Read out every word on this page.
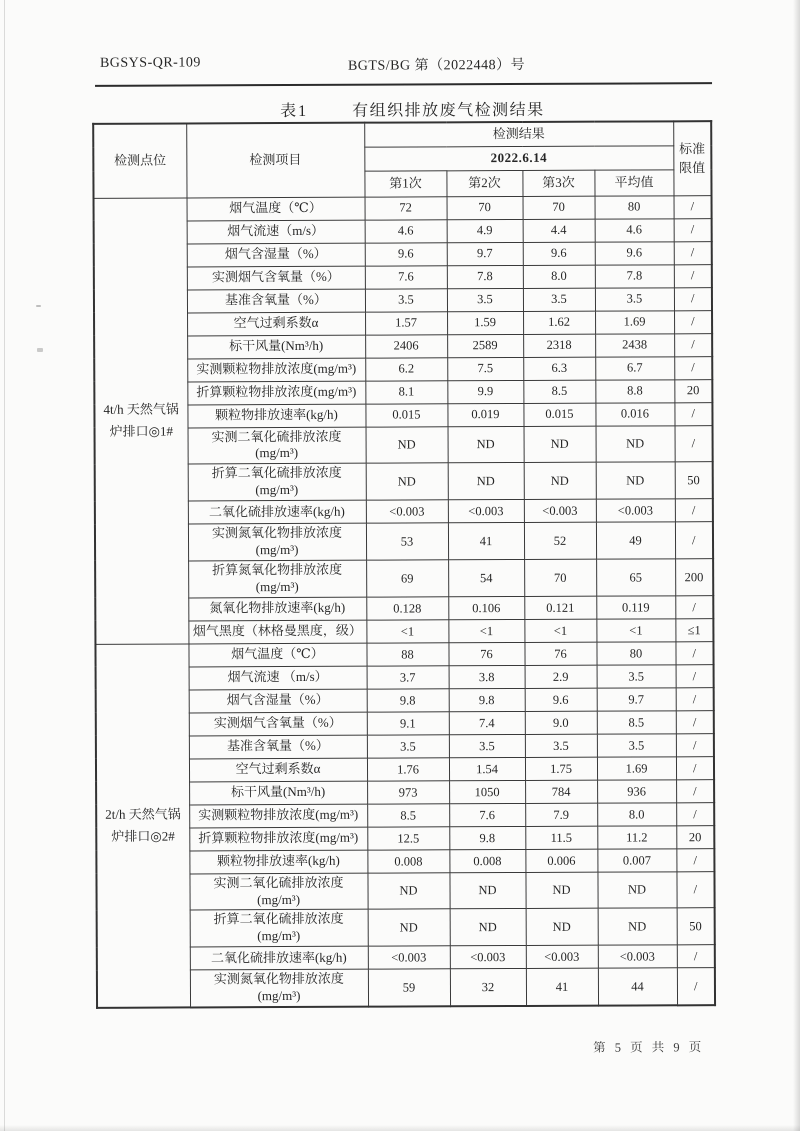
BGSYS-QR-109	BGTS/BG 第（2022448）号
表1	有组织排放废气检测结果
检测点位	检测项目	检测结果				标准限值
		2022.6.14				
		第1次	第2次	第3次	平均值	
4t/h 天然气锅炉排口◎1#	烟气温度（℃）	72	70	70	80	/
	烟气流速（m/s）	4.6	4.9	4.4	4.6	/
	烟气含湿量（%）	9.6	9.7	9.6	9.6	/
	实测烟气含氧量（%）	7.6	7.8	8.0	7.8	/
	基准含氧量（%）	3.5	3.5	3.5	3.5	/
	空气过剩系数α	1.57	1.59	1.62	1.69	/
	标干风量(Nm³/h)	2406	2589	2318	2438	/
	实测颗粒物排放浓度(mg/m³)	6.2	7.5	6.3	6.7	/
	折算颗粒物排放浓度(mg/m³)	8.1	9.9	8.5	8.8	20
	颗粒物排放速率(kg/h)	0.015	0.019	0.015	0.016	/
	实测二氧化硫排放浓度
(mg/m³)	ND	ND	ND	ND	/
	折算二氧化硫排放浓度
(mg/m³)	ND	ND	ND	ND	50
	二氧化硫排放速率(kg/h)	<0.003	<0.003	<0.003	<0.003	/
	实测氮氧化物排放浓度
(mg/m³)	53	41	52	49	/
	折算氮氧化物排放浓度
(mg/m³)	69	54	70	65	200
	氮氧化物排放速率(kg/h)	0.128	0.106	0.121	0.119	/
	烟气黑度（林格曼黑度，级）	<1	<1	<1	<1	≤1
2t/h 天然气锅炉排口◎2#	烟气温度（℃）	88	76	76	80	/
	烟气流速 （m/s）	3.7	3.8	2.9	3.5	/
	烟气含湿量（%）	9.8	9.8	9.6	9.7	/
	实测烟气含氧量（%）	9.1	7.4	9.0	8.5	/
	基准含氧量（%）	3.5	3.5	3.5	3.5	/
	空气过剩系数α	1.76	1.54	1.75	1.69	/
	标干风量(Nm³/h)	973	1050	784	936	/
	实测颗粒物排放浓度(mg/m³)	8.5	7.6	7.9	8.0	/
	折算颗粒物排放浓度(mg/m³)	12.5	9.8	11.5	11.2	20
	颗粒物排放速率(kg/h)	0.008	0.008	0.006	0.007	/
	实测二氧化硫排放浓度
(mg/m³)	ND	ND	ND	ND	/
	折算二氧化硫排放浓度
(mg/m³)	ND	ND	ND	ND	50
	二氧化硫排放速率(kg/h)	<0.003	<0.003	<0.003	<0.003	/
	实测氮氧化物排放浓度
(mg/m³)	59	32	41	44	/
第 5 页 共 9 页
